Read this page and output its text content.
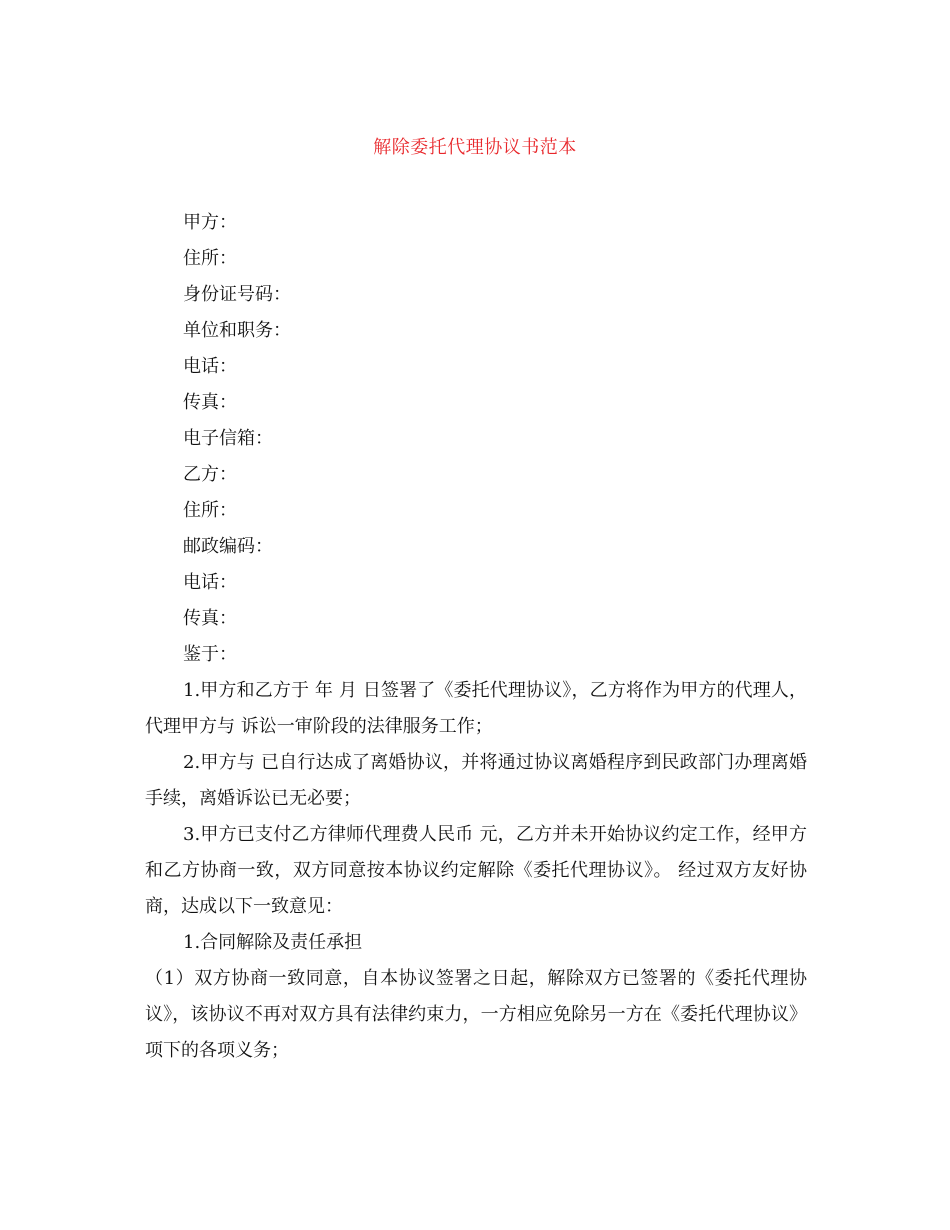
解除委托代理协议书范本

甲方：

住所：

身份证号码：

单位和职务：

电话：

传真：

电子信箱：

乙方：

住所：

邮政编码：

电话：

传真：

鉴于：

1.甲方和乙方于 年 月 日签署了《委托代理协议》，乙方将作为甲方的代理人，代理甲方与 诉讼一审阶段的法律服务工作；

2.甲方与 已自行达成了离婚协议，并将通过协议离婚程序到民政部门办理离婚手续，离婚诉讼已无必要；

3.甲方已支付乙方律师代理费人民币 元，乙方并未开始协议约定工作，经甲方和乙方协商一致，双方同意按本协议约定解除《委托代理协议》。 经过双方友好协商，达成以下一致意见：

1.合同解除及责任承担

（1）双方协商一致同意，自本协议签署之日起，解除双方已签署的《委托代理协议》，该协议不再对双方具有法律约束力，一方相应免除另一方在《委托代理协议》项下的各项义务；
